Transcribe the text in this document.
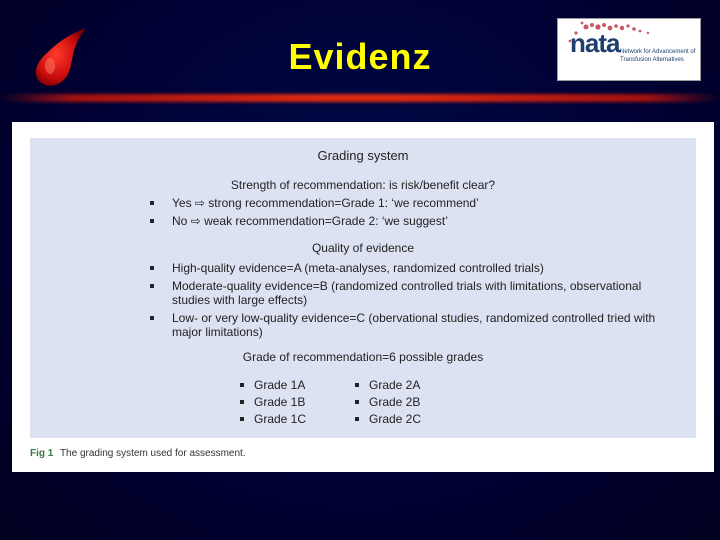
Evidenz	nata Network for Advancement of Transfusion Alternatives
Grading system
Strength of recommendation: is risk/benefit clear?
Yes ⇨ strong recommendation=Grade 1: ‘we recommend’
No ⇨ weak recommendation=Grade 2: ‘we suggest’
Quality of evidence
High-quality evidence=A (meta-analyses, randomized controlled trials)
Moderate-quality evidence=B (randomized controlled trials with limitations, observational studies with large effects)
Low- or very low-quality evidence=C (obervational studies, randomized controlled tried with major limitations)
Grade of recommendation=6 possible grades
Grade 1A
Grade 1B
Grade 1C
Grade 2A
Grade 2B
Grade 2C
Fig 1 The grading system used for assessment.
